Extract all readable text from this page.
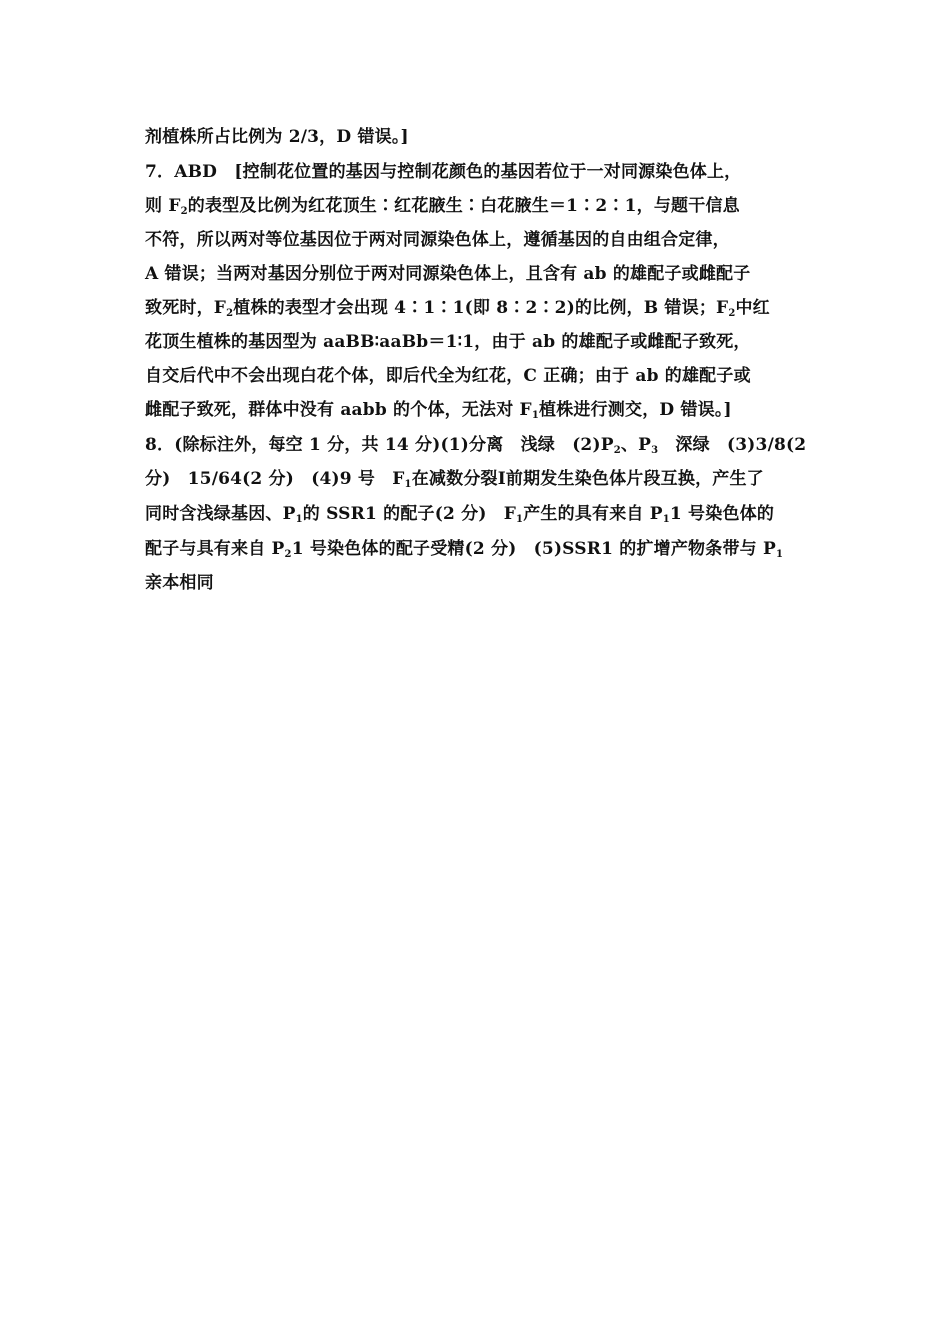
剂植株所占比例为 2/3，D 错误。]
7．ABD　[控制花位置的基因与控制花颜色的基因若位于一对同源染色体上，
则 $F_2$的表型及比例为红花顶生∶红花腋生∶白花腋生＝1∶2∶1，与题干信息
不符，所以两对等位基因位于两对同源染色体上，遵循基因的自由组合定律，
A 错误；当两对基因分别位于两对同源染色体上，且含有 ab 的雄配子或雌配子
致死时，$F_2$植株的表型才会出现 4∶1∶1(即 8∶2∶2)的比例，B 错误；$F_2$中红
花顶生植株的基因型为 aaBB∶aaBb＝1∶1，由于 ab 的雄配子或雌配子致死，
自交后代中不会出现白花个体，即后代全为红花，C 正确；由于 ab 的雄配子或
雌配子致死，群体中没有 aabb 的个体，无法对 $F_1$植株进行测交，D 错误。]
8．(除标注外，每空 1 分，共 14 分)(1)分离　浅绿　$(2)P_2$、$P_3$　深绿　(3)3/8(2
分)　15/64(2 分)　(4)9 号　$F_1$在减数分裂Ⅰ前期发生染色体片段互换，产生了
同时含浅绿基因、$P_1$的 SSR1 的配子(2 分)　$F_1$产生的具有来自 $P_11$ 号染色体的
配子与具有来自 $P_21$ 号染色体的配子受精(2 分)　(5)SSR1 的扩增产物条带与 $P_1$
亲本相同
